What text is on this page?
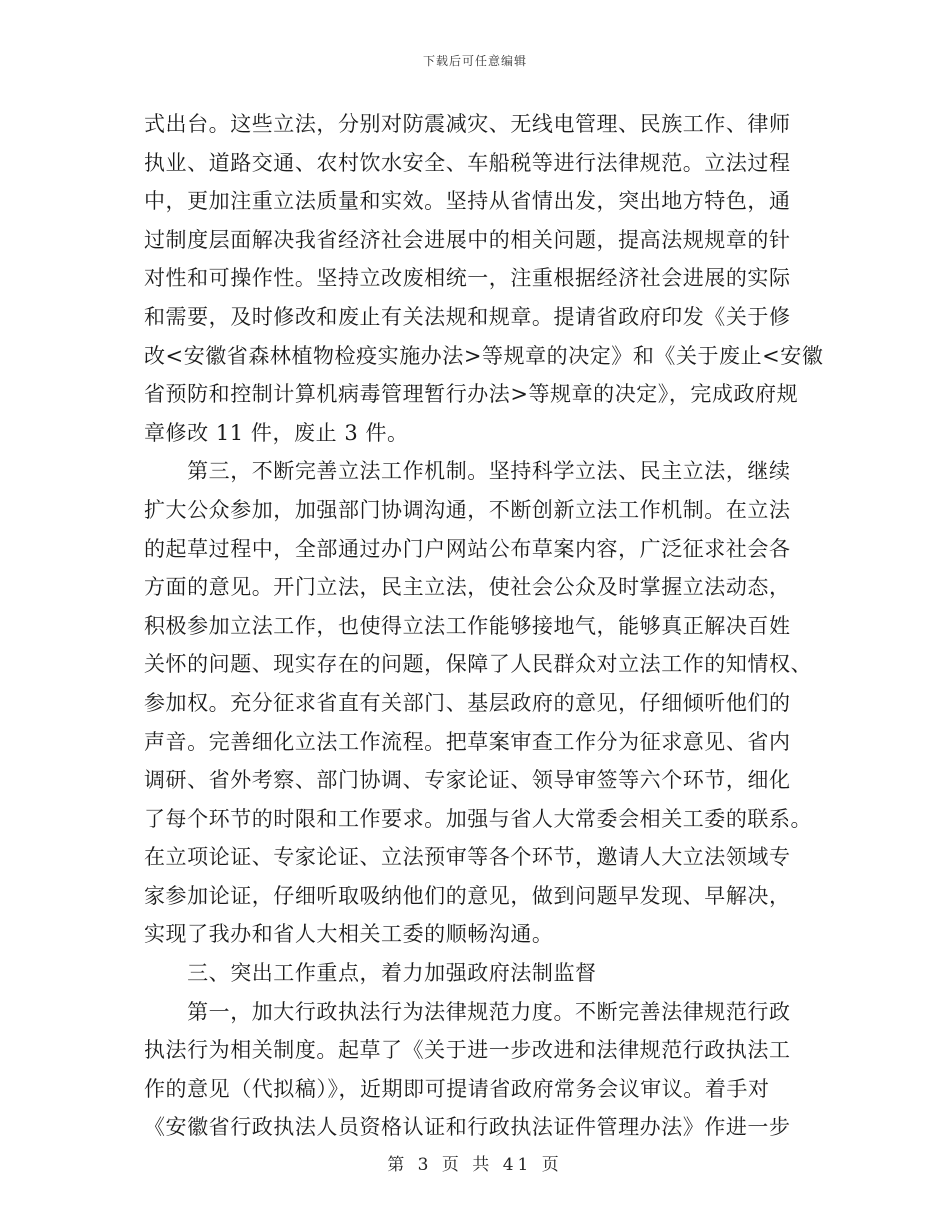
下载后可任意编辑
式出台。这些立法，分别对防震减灾、无线电管理、民族工作、律师
执业、道路交通、农村饮水安全、车船税等进行法律规范。立法过程
中，更加注重立法质量和实效。坚持从省情出发，突出地方特色，通
过制度层面解决我省经济社会进展中的相关问题，提高法规规章的针
对性和可操作性。坚持立改废相统一，注重根据经济社会进展的实际
和需要，及时修改和废止有关法规和规章。提请省政府印发《关于修
改<安徽省森林植物检疫实施办法>等规章的决定》和《关于废止<安徽
省预防和控制计算机病毒管理暂行办法>等规章的决定》，完成政府规
章修改 11 件，废止 3 件。
　　第三，不断完善立法工作机制。坚持科学立法、民主立法，继续
扩大公众参加，加强部门协调沟通，不断创新立法工作机制。在立法
的起草过程中，全部通过办门户网站公布草案内容，广泛征求社会各
方面的意见。开门立法，民主立法，使社会公众及时掌握立法动态，
积极参加立法工作，也使得立法工作能够接地气，能够真正解决百姓
关怀的问题、现实存在的问题，保障了人民群众对立法工作的知情权、
参加权。充分征求省直有关部门、基层政府的意见，仔细倾听他们的
声音。完善细化立法工作流程。把草案审查工作分为征求意见、省内
调研、省外考察、部门协调、专家论证、领导审签等六个环节，细化
了每个环节的时限和工作要求。加强与省人大常委会相关工委的联系。
在立项论证、专家论证、立法预审等各个环节，邀请人大立法领域专
家参加论证，仔细听取吸纳他们的意见，做到问题早发现、早解决，
实现了我办和省人大相关工委的顺畅沟通。
　　三、突出工作重点，着力加强政府法制监督
　　第一，加大行政执法行为法律规范力度。不断完善法律规范行政
执法行为相关制度。起草了《关于进一步改进和法律规范行政执法工
作的意见（代拟稿）》，近期即可提请省政府常务会议审议。着手对
《安徽省行政执法人员资格认证和行政执法证件管理办法》作进一步
第 3 页 共 41 页
